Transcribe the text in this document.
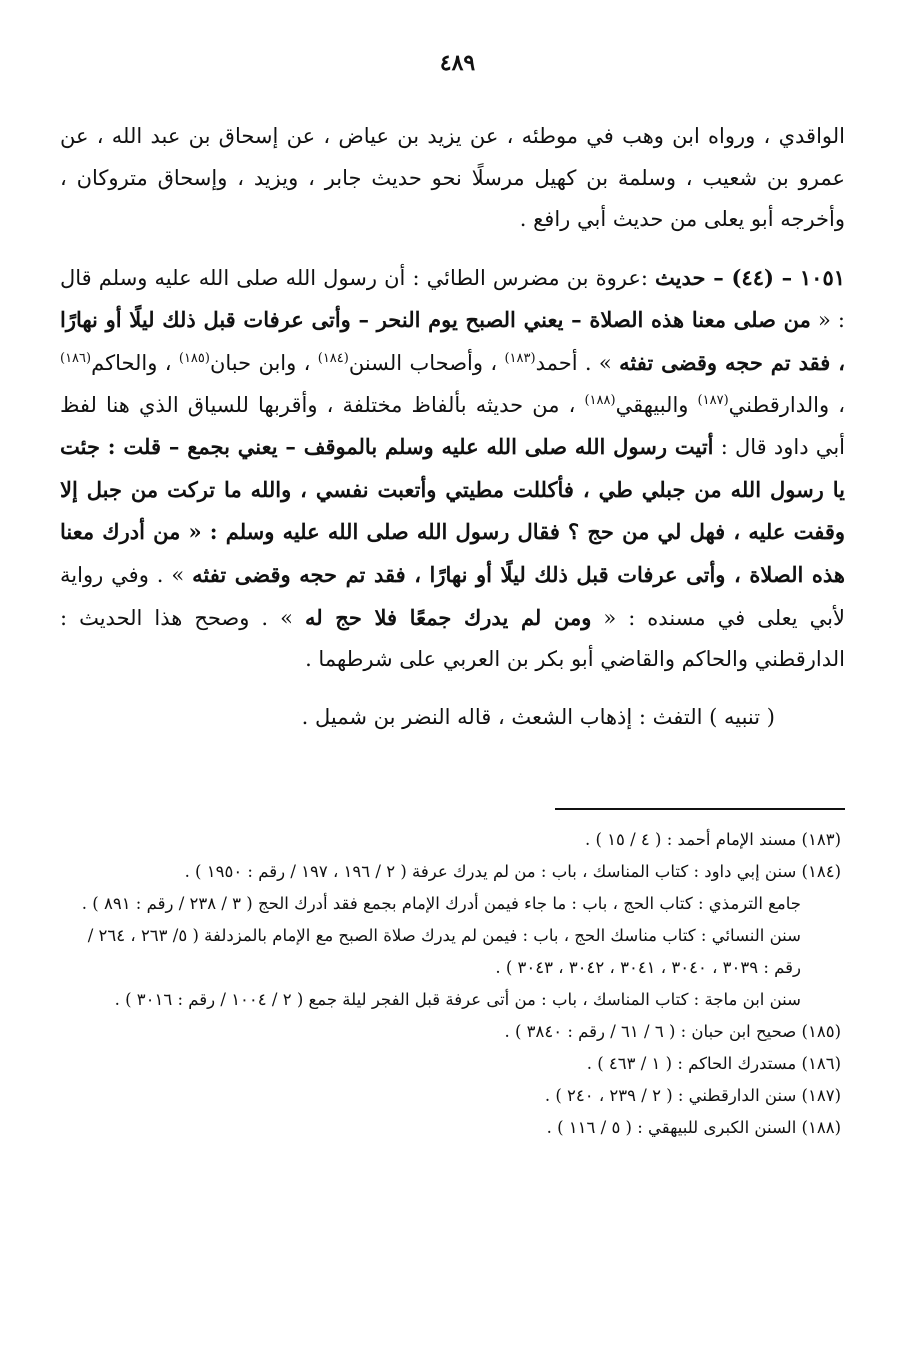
٤٨٩

الواقدي ، ورواه ابن وهب في موطئه ، عن يزيد بن عياض ، عن إسحاق بن عبد الله ، عن عمرو بن شعيب ، وسلمة بن كهيل مرسلًا نحو حديث جابر ، ويزيد ، وإسحاق متروكان ، وأخرجه أبو يعلى من حديث أبي رافع .

١٠٥١ – (٤٤) – حديث :عروة بن مضرس الطائي : أن رسول الله صلى الله عليه وسلم قال : « من صلى معنا هذه الصلاة – يعني الصبح يوم النحر – وأتى عرفات قبل ذلك ليلًا أو نهارًا ، فقد تم حجه وقضى تفثه » . أحمد$^{(١٨٣)}$ ، وأصحاب السنن$^{(١٨٤)}$ ، وابن حبان$^{(١٨٥)}$ ، والحاكم$^{(١٨٦)}$ ، والدارقطني$^{(١٨٧)}$ والبيهقي$^{(١٨٨)}$ ، من حديثه بألفاظ مختلفة ، وأقربها للسياق الذي هنا لفظ أبي داود قال : أتيت رسول الله صلى الله عليه وسلم بالموقف – يعني بجمع – قلت : جئت يا رسول الله من جبلي طي ، فأكللت مطيتي وأتعبت نفسي ، والله ما تركت من جبل إلا وقفت عليه ، فهل لي من حج ؟ فقال رسول الله صلى الله عليه وسلم : « من أدرك معنا هذه الصلاة ، وأتى عرفات قبل ذلك ليلًا أو نهارًا ، فقد تم حجه وقضى تفثه » . وفي رواية لأبي يعلى في مسنده : « ومن لم يدرك جمعًا فلا حج له » . وصحح هذا الحديث : الدارقطني والحاكم والقاضي أبو بكر بن العربي على شرطهما .

( تنبيه ) التفث : إذهاب الشعث ، قاله النضر بن شميل .

(١٨٣) مسند الإمام أحمد : ( ٤ / ١٥ ) .

(١٨٤) سنن إبي داود : كتاب المناسك ، باب : من لم يدرك عرفة ( ٢ / ١٩٦ ، ١٩٧ / رقم : ١٩٥٠ ) .

جامع الترمذي : كتاب الحج ، باب : ما جاء فيمن أدرك الإمام بجمع فقد أدرك الحج ( ٣ / ٢٣٨ / رقم : ٨٩١ ) .

سنن النسائي : كتاب مناسك الحج ، باب : فيمن لم يدرك صلاة الصبح مع الإمام بالمزدلفة ( ٥/ ٢٦٣ ، ٢٦٤ / رقم : ٣٠٣٩ ، ٣٠٤٠ ، ٣٠٤١ ، ٣٠٤٢ ، ٣٠٤٣ ) .

سنن ابن ماجة : كتاب المناسك ، باب : من أتى عرفة قبل الفجر ليلة جمع ( ٢ / ١٠٠٤ / رقم : ٣٠١٦ ) .

(١٨٥) صحيح ابن حبان : ( ٦ / ٦١ / رقم : ٣٨٤٠ ) .

(١٨٦) مستدرك الحاكم : ( ١ / ٤٦٣ ) .

(١٨٧) سنن الدارقطني : ( ٢ / ٢٣٩ ، ٢٤٠ ) .

(١٨٨) السنن الكبرى للبيهقي : ( ٥ / ١١٦ ) .
